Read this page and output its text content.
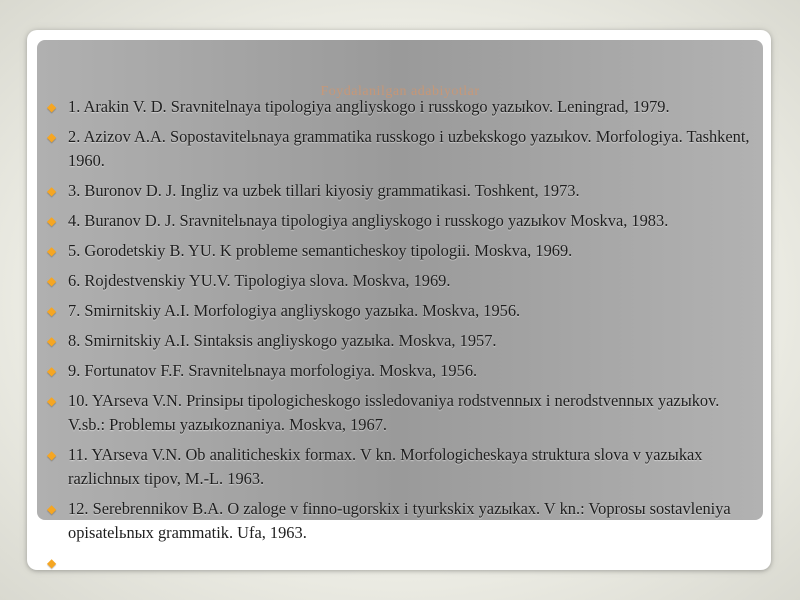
Foydalanilgan adabiyotlar
◆ 1. Arakin V. D. Sravnitelnaya tipologiya angliyskogo i russkogo yazыkov. Leningrad, 1979.
◆ 2. Azizov A.A. Sopostavitelьnaya grammatika russkogo i uzbekskogo yazыkov. Morfologiya. Tashkent, 1960.
◆ 3. Buronov D. J. Ingliz va uzbek tillari kiyosiy grammatikasi. Toshkent, 1973.
◆ 4. Buranov D. J. Sravnitelьnaya tipologiya angliyskogo i russkogo yazыkov Moskva, 1983.
◆ 5. Gorodetskiy B. YU. K probleme semanticheskoy tipologii. Moskva, 1969.
◆ 6. Rojdestvenskiy YU.V. Tipologiya slova. Moskva, 1969.
◆ 7. Smirnitskiy A.I. Morfologiya angliyskogo yazыka. Moskva, 1956.
◆ 8. Smirnitskiy A.I. Sintaksis angliyskogo yazыka. Moskva, 1957.
◆ 9. Fortunatov F.F. Sravnitelьnaya morfologiya. Moskva, 1956.
◆ 10. YArseva V.N. Prinsipы tipologicheskogo issledovaniya rodstvennыx i nerodstvennыx yazыkov. V.sb.: Problemы yazыkoznaniya. Moskva, 1967.
◆ 11. YArseva V.N. Ob analiticheskix formax. V kn. Morfologicheskaya struktura slova v yazыkax razlichnыx tipov, M.-L. 1963.
◆ 12. Serebrennikov B.A. O zaloge v finno-ugorskix i tyurkskix yazыkax. V kn.: Voprosы sostavleniya opisatelьnыx grammatik. Ufa, 1963.
◆
